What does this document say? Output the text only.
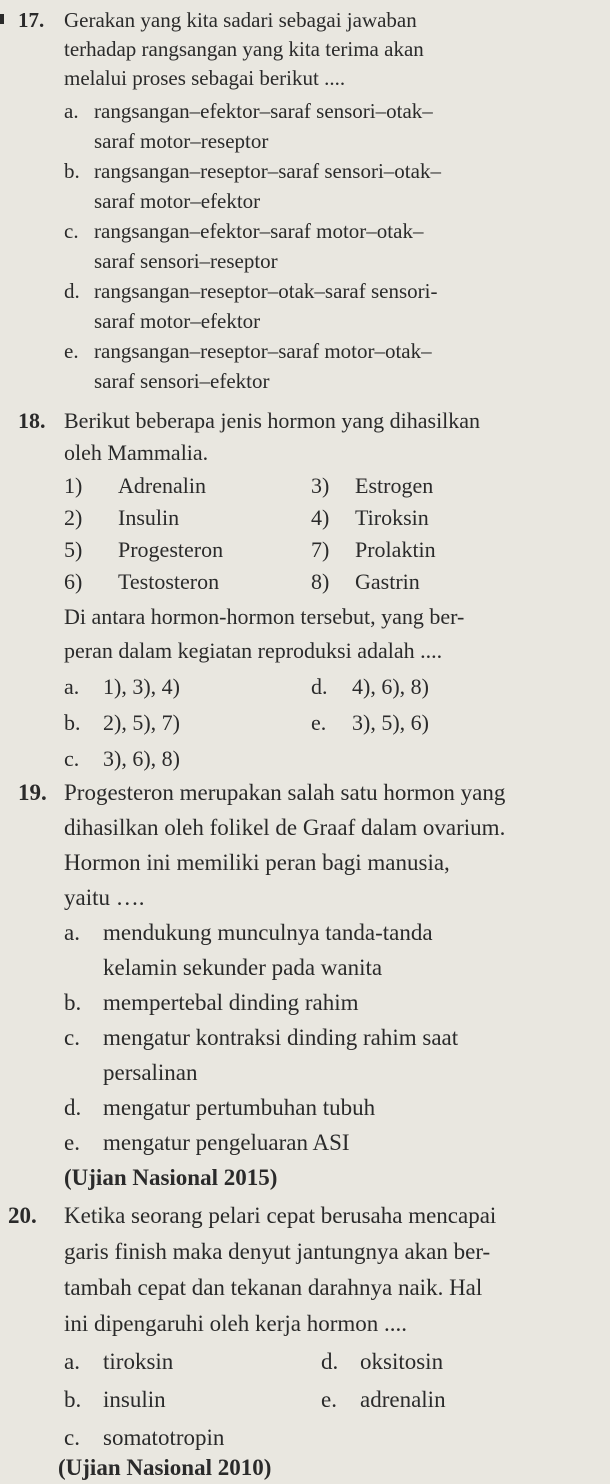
17. Gerakan yang kita sadari sebagai jawaban
terhadap rangsangan yang kita terima akan
melalui proses sebagai berikut ....
a. rangsangan–efektor–saraf sensori–otak–
saraf motor–reseptor
b. rangsangan–reseptor–saraf sensori–otak–
saraf motor–efektor
c. rangsangan–efektor–saraf motor–otak–
saraf sensori–reseptor
d. rangsangan–reseptor–otak–saraf sensori-
saraf motor–efektor
e. rangsangan–reseptor–saraf motor–otak–
saraf sensori–efektor
18. Berikut beberapa jenis hormon yang dihasilkan
oleh Mammalia.
1) Adrenalin	3) Estrogen
2) Insulin	4) Tiroksin
5) Progesteron	7) Prolaktin
6) Testosteron	8) Gastrin
Di antara hormon-hormon tersebut, yang ber-
peran dalam kegiatan reproduksi adalah ....
a. 1), 3), 4)	d. 4), 6), 8)
b. 2), 5), 7)	e. 3), 5), 6)
c. 3), 6), 8)
19. Progesteron merupakan salah satu hormon yang
dihasilkan oleh folikel de Graaf dalam ovarium.
Hormon ini memiliki peran bagi manusia,
yaitu ….
a. mendukung munculnya tanda-tanda
kelamin sekunder pada wanita
b. mempertebal dinding rahim
c. mengatur kontraksi dinding rahim saat
persalinan
d. mengatur pertumbuhan tubuh
e. mengatur pengeluaran ASI
(Ujian Nasional 2015)
20. Ketika seorang pelari cepat berusaha mencapai
garis finish maka denyut jantungnya akan ber-
tambah cepat dan tekanan darahnya naik. Hal
ini dipengaruhi oleh kerja hormon ....
a. tiroksin	d. oksitosin
b. insulin	e. adrenalin
c. somatotropin
(Ujian Nasional 2010)
